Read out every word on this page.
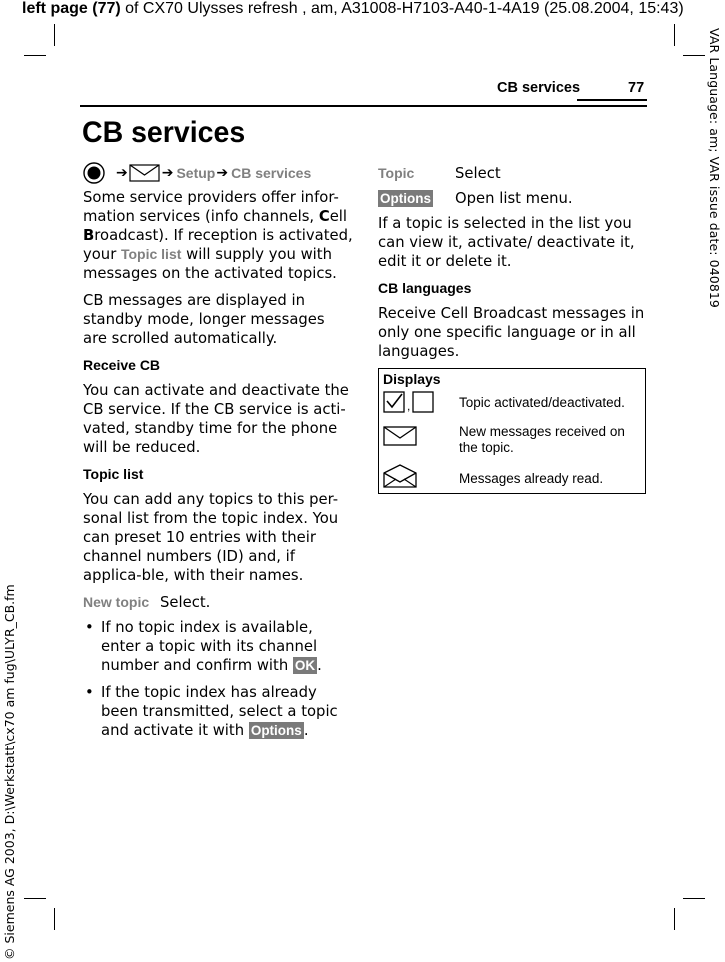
left page (77) of CX70 Ulysses refresh , am, A31008-H7103-A40-1-4A19 (25.08.2004, 15:43)
VAR Language: am; VAR issue date: 040819
© Siemens AG 2003, D:\Werkstatt\cx70 am fug\ULYR_CB.fm
CB services	77
CB services
➔ ➔ Setup ➔ CB services

Some service providers offer infor-mation services (info channels, Cell Broadcast). If reception is activated, your Topic list will supply you with messages on the activated topics.

CB messages are displayed in standby mode, longer messages are scrolled automatically.

Receive CB

You can activate and deactivate the CB service. If the CB service is acti-vated, standby time for the phone will be reduced.

Topic list

You can add any topics to this per-sonal list from the topic index. You can preset 10 entries with their channel numbers (ID) and, if applica-ble, with their names.

New topic Select.
• If no topic index is available, enter a topic with its channel number and confirm with OK .
• If the topic index has already been transmitted, select a topic and activate it with Options .
Topic	Select
Options	Open list menu.

If a topic is selected in the list you can view it, activate/ deactivate it, edit it or delete it.

CB languages

Receive Cell Broadcast messages in only one specific language or in all languages.

Displays
,	Topic activated/deactivated.
New messages received on the topic.
Messages already read.
